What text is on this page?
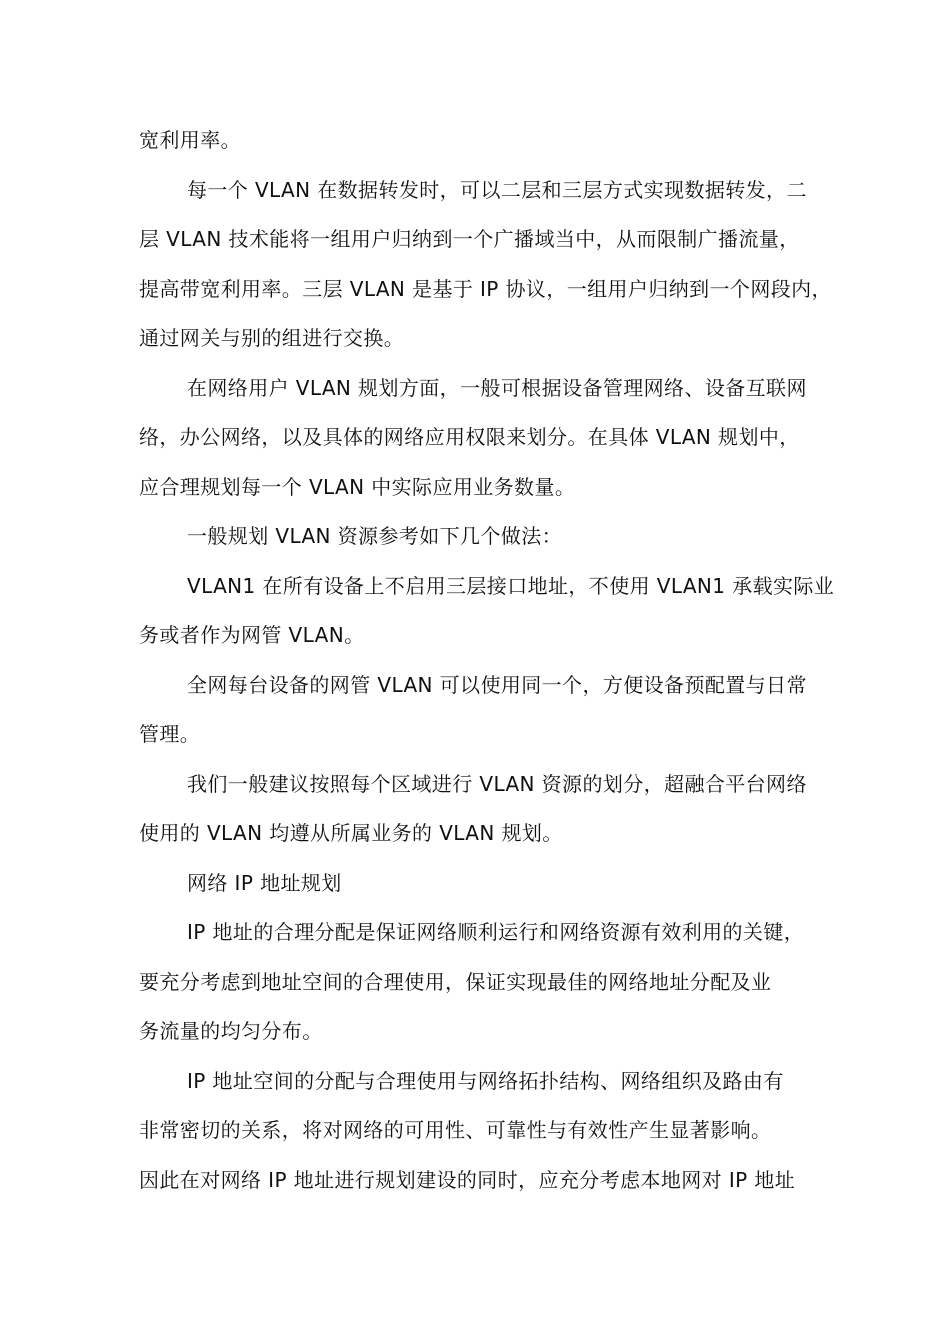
宽利用率。
每一个 VLAN 在数据转发时，可以二层和三层方式实现数据转发，二
层 VLAN 技术能将一组用户归纳到一个广播域当中，从而限制广播流量，
提高带宽利用率。三层 VLAN 是基于 IP 协议，一组用户归纳到一个网段内，
通过网关与别的组进行交换。
在网络用户 VLAN 规划方面，一般可根据设备管理网络、设备互联网
络，办公网络，以及具体的网络应用权限来划分。在具体 VLAN 规划中，
应合理规划每一个 VLAN 中实际应用业务数量。
一般规划 VLAN 资源参考如下几个做法：
VLAN1 在所有设备上不启用三层接口地址，不使用 VLAN1 承载实际业
务或者作为网管 VLAN。
全网每台设备的网管 VLAN 可以使用同一个，方便设备预配置与日常
管理。
我们一般建议按照每个区域进行 VLAN 资源的划分，超融合平台网络
使用的 VLAN 均遵从所属业务的 VLAN 规划。
网络 IP 地址规划
IP 地址的合理分配是保证网络顺利运行和网络资源有效利用的关键，
要充分考虑到地址空间的合理使用，保证实现最佳的网络地址分配及业
务流量的均匀分布。
IP 地址空间的分配与合理使用与网络拓扑结构、网络组织及路由有
非常密切的关系，将对网络的可用性、可靠性与有效性产生显著影响。
因此在对网络 IP 地址进行规划建设的同时，应充分考虑本地网对 IP 地址
